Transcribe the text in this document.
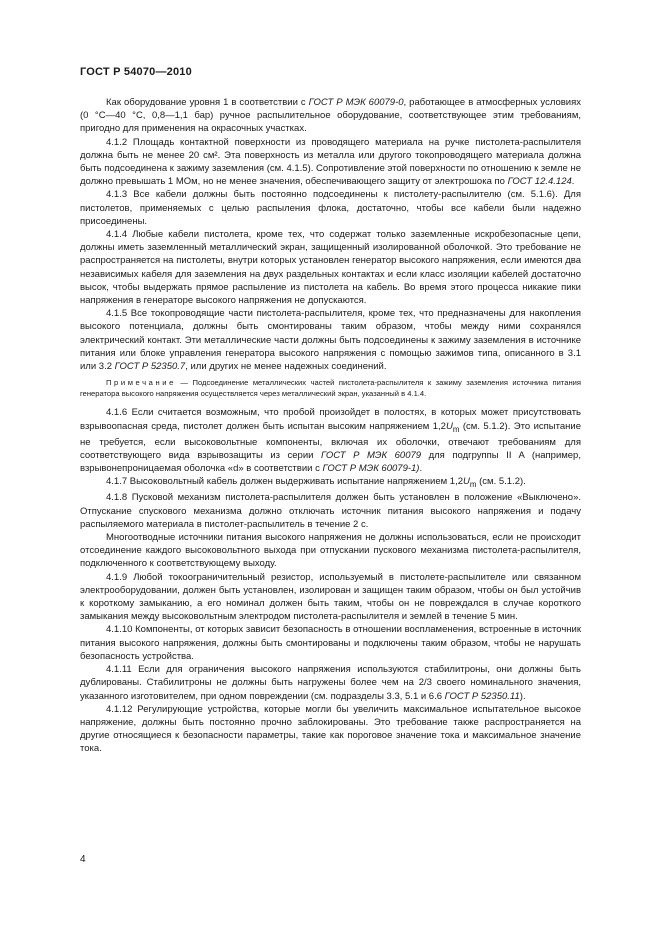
ГОСТ Р 54070—2010

Как оборудование уровня 1 в соответствии с ГОСТ Р МЭК 60079-0, работающее в атмосферных условиях (0 °С—40 °С, 0,8—1,1 бар) ручное распылительное оборудование, соответствующее этим требованиям, пригодно для применения на окрасочных участках.

4.1.2 Площадь контактной поверхности из проводящего материала на ручке пистолета-распылителя должна быть не менее 20 см². Эта поверхность из металла или другого токопроводящего материала должна быть подсоединена к зажиму заземления (см. 4.1.5). Сопротивление этой поверхности по отношению к земле не должно превышать 1 МОм, но не менее значения, обеспечивающего защиту от электрошока по ГОСТ 12.4.124.

4.1.3 Все кабели должны быть постоянно подсоединены к пистолету-распылителю (см. 5.1.6). Для пистолетов, применяемых с целью распыления флока, достаточно, чтобы все кабели были надежно присоединены.

4.1.4 Любые кабели пистолета, кроме тех, что содержат только заземленные искробезопасные цепи, должны иметь заземленный металлический экран, защищенный изолированной оболочкой. Это требование не распространяется на пистолеты, внутри которых установлен генератор высокого напряжения, если имеются два независимых кабеля для заземления на двух раздельных контактах и если класс изоляции кабелей достаточно высок, чтобы выдержать прямое распыление из пистолета на кабель. Во время этого процесса никакие пики напряжения в генераторе высокого напряжения не допускаются.

4.1.5 Все токопроводящие части пистолета-распылителя, кроме тех, что предназначены для накопления высокого потенциала, должны быть смонтированы таким образом, чтобы между ними сохранялся электрический контакт. Эти металлические части должны быть подсоединены к зажиму заземления в источнике питания или блоке управления генератора высокого напряжения с помощью зажимов типа, описанного в 3.1 или 3.2 ГОСТ Р 52350.7, или других не менее надежных соединений.

Примечание — Подсоединение металлических частей пистолета-распылителя к зажиму заземления источника питания генератора высокого напряжения осуществляется через металлический экран, указанный в 4.1.4.

4.1.6 Если считается возможным, что пробой произойдет в полостях, в которых может присутствовать взрывоопасная среда, пистолет должен быть испытан высоким напряжением $1,2U_m$ (см. 5.1.2). Это испытание не требуется, если высоковольтные компоненты, включая их оболочки, отвечают требованиям для соответствующего вида взрывозащиты из серии ГОСТ Р МЭК 60079 для подгруппы II A (например, взрывонепроницаемая оболочка «d» в соответствии с ГОСТ Р МЭК 60079-1).

4.1.7 Высоковольтный кабель должен выдерживать испытание напряжением $1,2U_m$ (см. 5.1.2).

4.1.8 Пусковой механизм пистолета-распылителя должен быть установлен в положение «Выключено». Отпускание спускового механизма должно отключать источник питания высокого напряжения и подачу распыляемого материала в пистолет-распылитель в течение 2 с.

Многоотводные источники питания высокого напряжения не должны использоваться, если не происходит отсоединение каждого высоковольтного выхода при отпускании пускового механизма пистолета-распылителя, подключенного к соответствующему выходу.

4.1.9 Любой токоограничительный резистор, используемый в пистолете-распылителе или связанном электрооборудовании, должен быть установлен, изолирован и защищен таким образом, чтобы он был устойчив к короткому замыканию, а его номинал должен быть таким, чтобы он не повреждался в случае короткого замыкания между высоковольтным электродом пистолета-распылителя и землей в течение 5 мин.

4.1.10 Компоненты, от которых зависит безопасность в отношении воспламенения, встроенные в источник питания высокого напряжения, должны быть смонтированы и подключены таким образом, чтобы не нарушать безопасность устройства.

4.1.11 Если для ограничения высокого напряжения используются стабилитроны, они должны быть дублированы. Стабилитроны не должны быть нагружены более чем на 2/3 своего номинального значения, указанного изготовителем, при одном повреждении (см. подразделы 3.3, 5.1 и 6.6 ГОСТ Р 52350.11).

4.1.12 Регулирующие устройства, которые могли бы увеличить максимальное испытательное высокое напряжение, должны быть постоянно прочно заблокированы. Это требование также распространяется на другие относящиеся к безопасности параметры, такие как пороговое значение тока и максимальное значение тока.

4
